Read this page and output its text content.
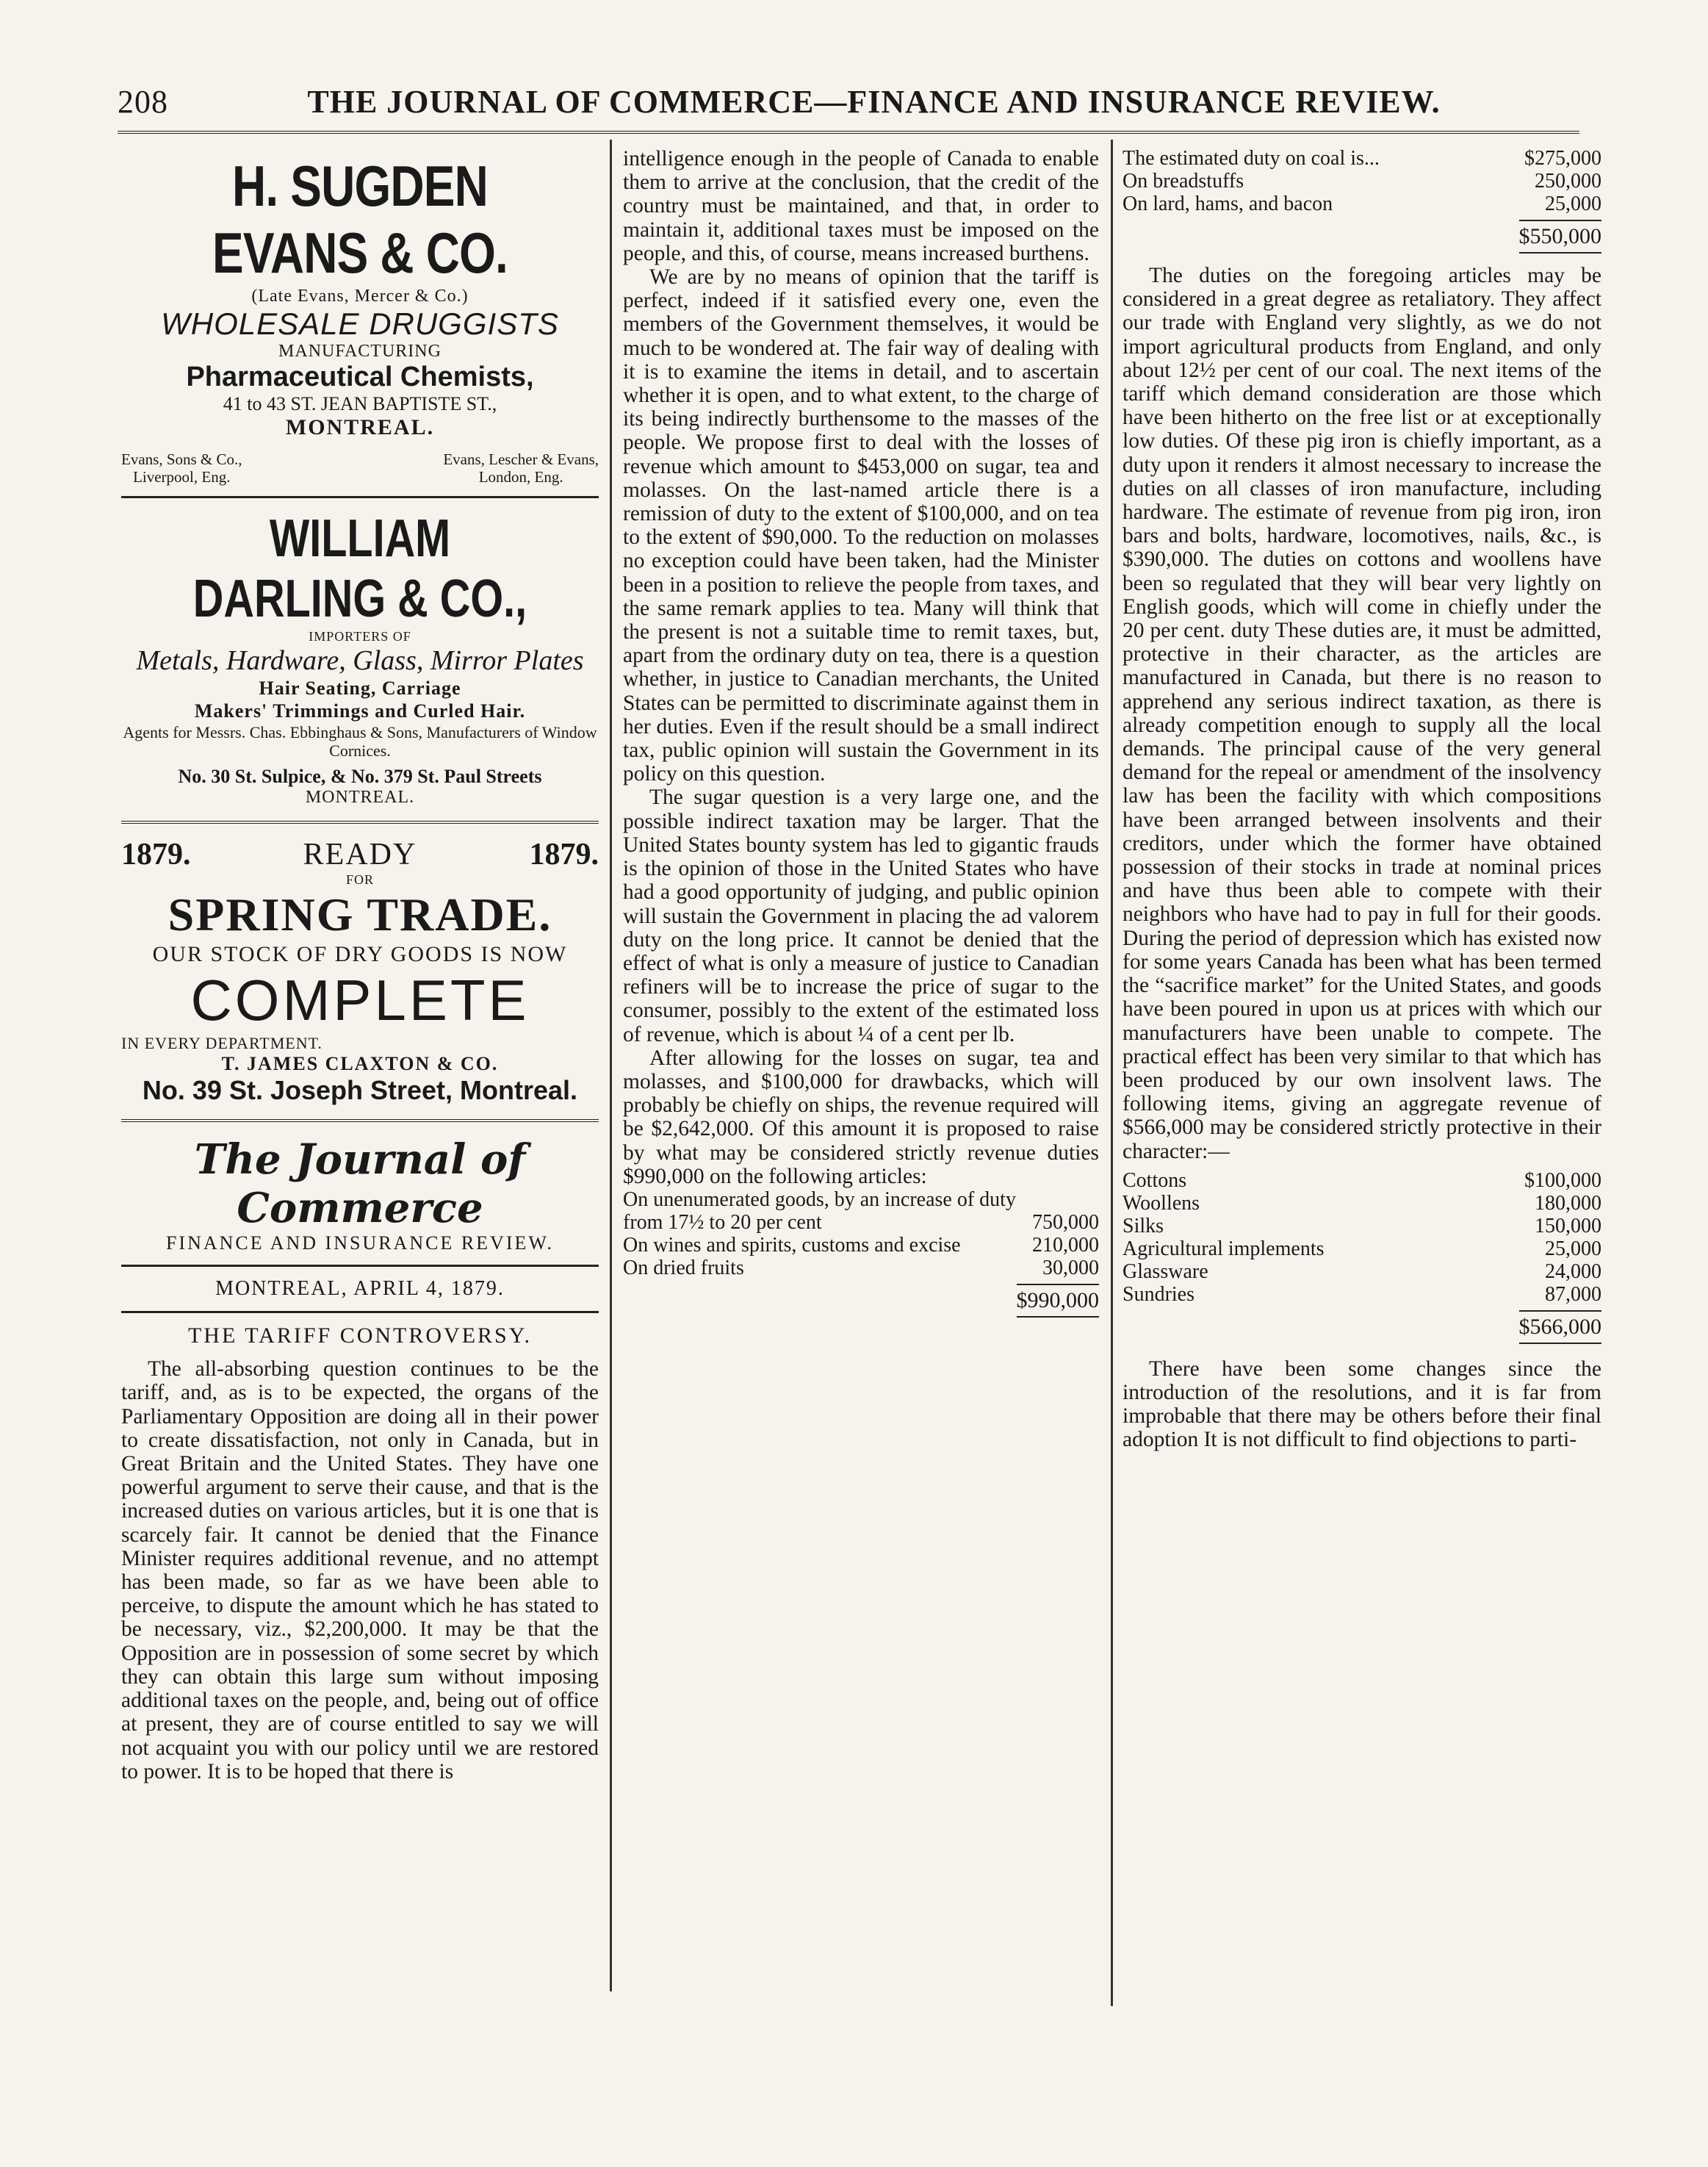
208	THE JOURNAL OF COMMERCE—FINANCE AND INSURANCE REVIEW.
H. SUGDEN EVANS & CO.
(Late Evans, Mercer & Co.)
WHOLESALE DRUGGISTS
MANUFACTURING
Pharmaceutical Chemists,
41 to 43 ST. JEAN BAPTISTE ST.,
MONTREAL.
Evans, Sons & Co.,
Liverpool, Eng.
Evans, Lescher & Evans,
London, Eng.
WILLIAM DARLING & CO.,
IMPORTERS OF
Metals, Hardware, Glass, Mirror Plates
Hair Seating, Carriage
Makers' Trimmings and Curled Hair.
Agents for Messrs. Chas. Ebbinghaus & Sons, Manufacturers of Window Cornices.
No. 30 St. Sulpice, & No. 379 St. Paul Streets
MONTREAL.
1879.	READY	1879.
FOR
SPRING TRADE.
OUR STOCK OF DRY GOODS IS NOW
COMPLETE
IN EVERY DEPARTMENT.
T. JAMES CLAXTON & CO.
No. 39 St. Joseph Street, Montreal.
The Journal of Commerce
FINANCE AND INSURANCE REVIEW.
MONTREAL, APRIL 4, 1879.
THE TARIFF CONTROVERSY.

The all-absorbing question continues to be the tariff, and, as is to be expected, the organs of the Parliamentary Opposition are doing all in their power to create dissatisfaction, not only in Canada, but in Great Britain and the United States. They have one powerful argument to serve their cause, and that is the increased duties on various articles, but it is one that is scarcely fair. It cannot be denied that the Finance Minister requires additional revenue, and no attempt has been made, so far as we have been able to perceive, to dispute the amount which he has stated to be necessary, viz., $2,200,000. It may be that the Opposition are in possession of some secret by which they can obtain this large sum without imposing additional taxes on the people, and, being out of office at present, they are of course entitled to say we will not acquaint you with our policy until we are restored to power. It is to be hoped that there is

intelligence enough in the people of Canada to enable them to arrive at the conclusion, that the credit of the country must be maintained, and that, in order to maintain it, additional taxes must be imposed on the people, and this, of course, means increased burthens.

We are by no means of opinion that the tariff is perfect, indeed if it satisfied every one, even the members of the Government themselves, it would be much to be wondered at. The fair way of dealing with it is to examine the items in detail, and to ascertain whether it is open, and to what extent, to the charge of its being indirectly burthensome to the masses of the people. We propose first to deal with the losses of revenue which amount to $453,000 on sugar, tea and molasses. On the last-named article there is a remission of duty to the extent of $100,000, and on tea to the extent of $90,000. To the reduction on molasses no exception could have been taken, had the Minister been in a position to relieve the people from taxes, and the same remark applies to tea. Many will think that the present is not a suitable time to remit taxes, but, apart from the ordinary duty on tea, there is a question whether, in justice to Canadian merchants, the United States can be permitted to discriminate against them in her duties. Even if the result should be a small indirect tax, public opinion will sustain the Government in its policy on this question.

The sugar question is a very large one, and the possible indirect taxation may be larger. That the United States bounty system has led to gigantic frauds is the opinion of those in the United States who have had a good opportunity of judging, and public opinion will sustain the Government in placing the ad valorem duty on the long price. It cannot be denied that the effect of what is only a measure of justice to Canadian refiners will be to increase the price of sugar to the consumer, possibly to the extent of the estimated loss of revenue, which is about ¼ of a cent per lb.

After allowing for the losses on sugar, tea and molasses, and $100,000 for drawbacks, which will probably be chiefly on ships, the revenue required will be $2,642,000. Of this amount it is proposed to raise by what may be considered strictly revenue duties $990,000 on the following articles:

On unenumerated goods, by an increase of duty from 17½ to 20 per cent	750,000
On wines and spirits, customs and excise	210,000
On dried fruits	30,000
$990,000
The estimated duty on coal is...	$275,000
On breadstuffs	250,000
On lard, hams, and bacon	25,000
$550,000

The duties on the foregoing articles may be considered in a great degree as retaliatory. They affect our trade with England very slightly, as we do not import agricultural products from England, and only about 12½ per cent of our coal. The next items of the tariff which demand consideration are those which have been hitherto on the free list or at exceptionally low duties. Of these pig iron is chiefly important, as a duty upon it renders it almost necessary to increase the duties on all classes of iron manufacture, including hardware. The estimate of revenue from pig iron, iron bars and bolts, hardware, locomotives, nails, &c., is $390,000. The duties on cottons and woollens have been so regulated that they will bear very lightly on English goods, which will come in chiefly under the 20 per cent. duty These duties are, it must be admitted, protective in their character, as the articles are manufactured in Canada, but there is no reason to apprehend any serious indirect taxation, as there is already competition enough to supply all the local demands. The principal cause of the very general demand for the repeal or amendment of the insolvency law has been the facility with which compositions have been arranged between insolvents and their creditors, under which the former have obtained possession of their stocks in trade at nominal prices and have thus been able to compete with their neighbors who have had to pay in full for their goods. During the period of depression which has existed now for some years Canada has been what has been termed the “sacrifice market” for the United States, and goods have been poured in upon us at prices with which our manufacturers have been unable to compete. The practical effect has been very similar to that which has been produced by our own insolvent laws. The following items, giving an aggregate revenue of $566,000 may be considered strictly protective in their character:—

Cottons	$100,000
Woollens	180,000
Silks	150,000
Agricultural implements	25,000
Glassware	24,000
Sundries	87,000
$566,000

There have been some changes since the introduction of the resolutions, and it is far from improbable that there may be others before their final adoption It is not difficult to find objections to parti-
